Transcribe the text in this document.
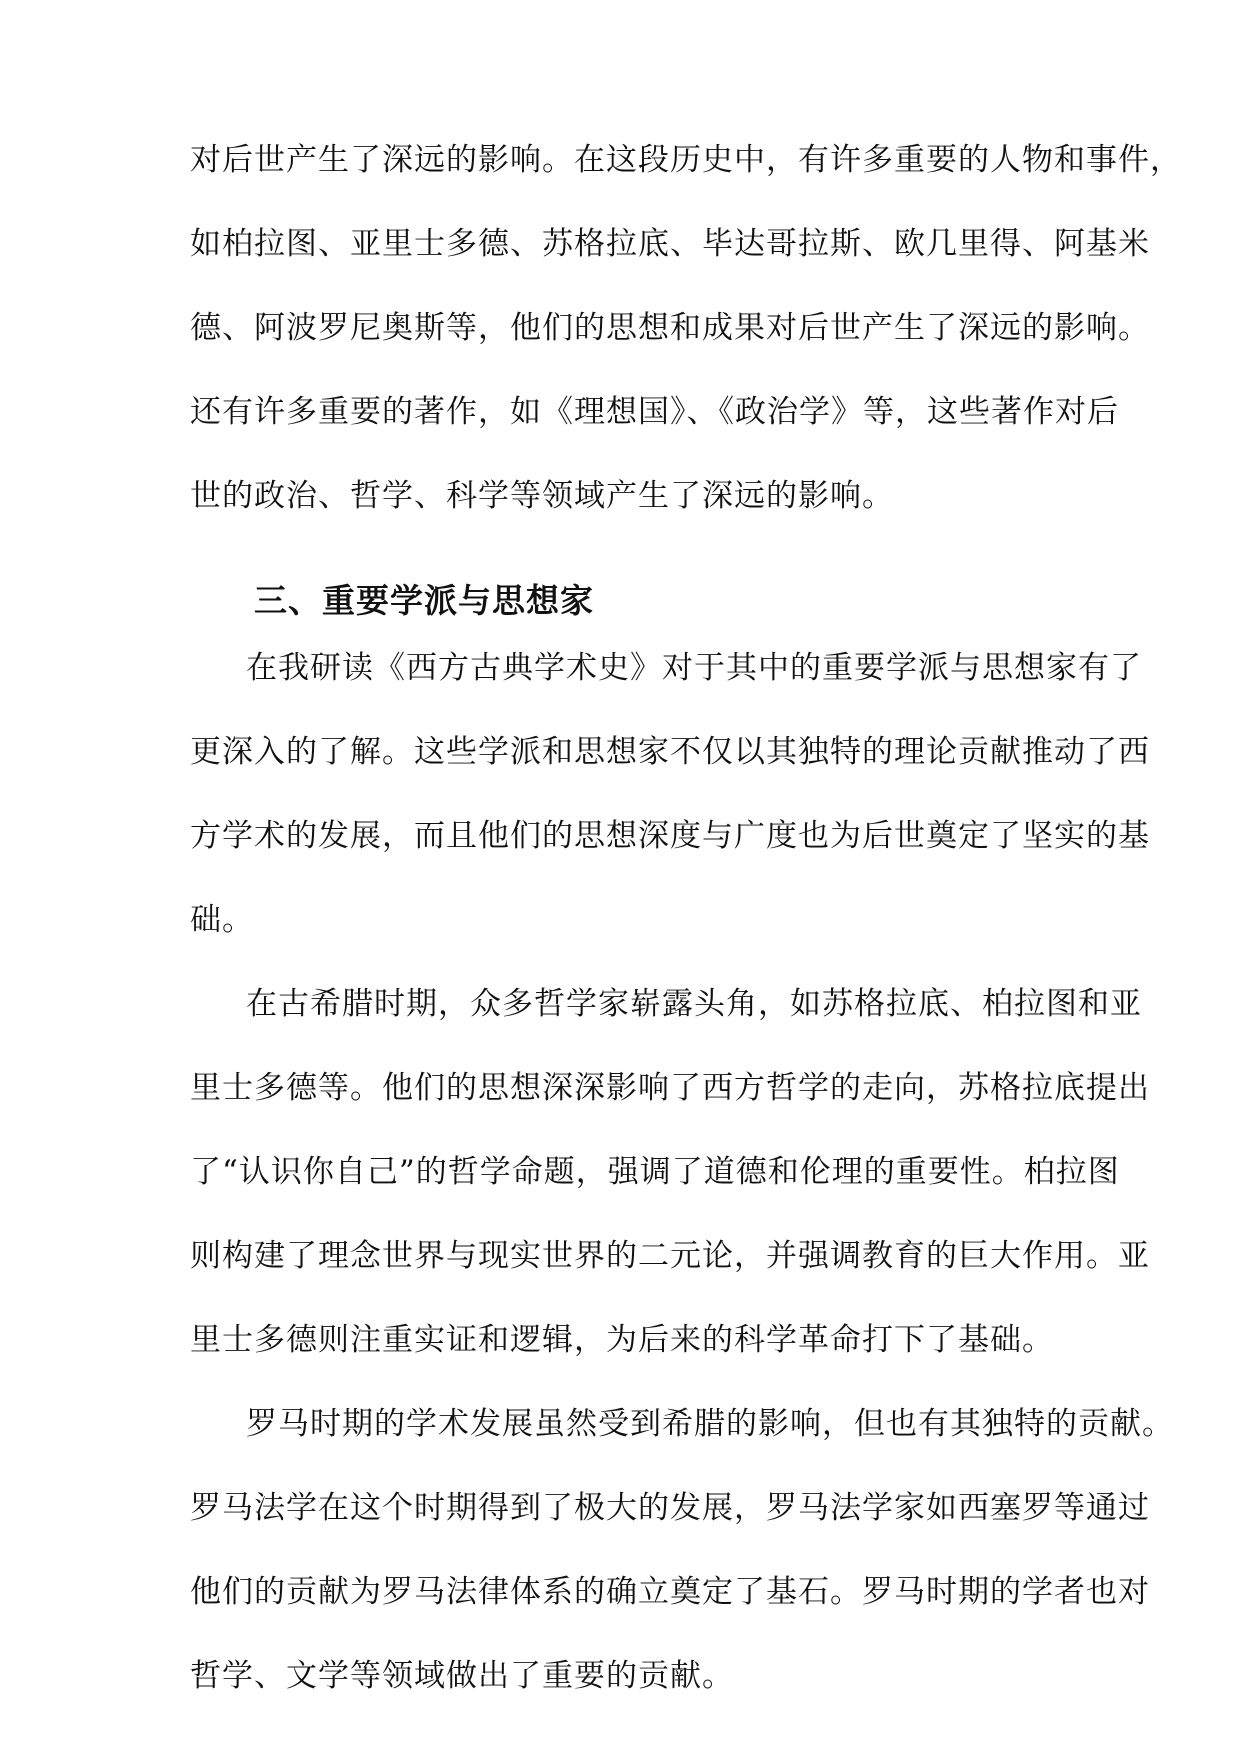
对后世产生了深远的影响。在这段历史中，有许多重要的人物和事件，

如柏拉图、亚里士多德、苏格拉底、毕达哥拉斯、欧几里得、阿基米

德、阿波罗尼奥斯等，他们的思想和成果对后世产生了深远的影响。

还有许多重要的著作，如《理想国》、《政治学》等，这些著作对后

世的政治、哲学、科学等领域产生了深远的影响。

三、重要学派与思想家

在我研读《西方古典学术史》对于其中的重要学派与思想家有了

更深入的了解。这些学派和思想家不仅以其独特的理论贡献推动了西

方学术的发展，而且他们的思想深度与广度也为后世奠定了坚实的基

础。

在古希腊时期，众多哲学家崭露头角，如苏格拉底、柏拉图和亚

里士多德等。他们的思想深深影响了西方哲学的走向，苏格拉底提出

了“认识你自己”的哲学命题，强调了道德和伦理的重要性。柏拉图

则构建了理念世界与现实世界的二元论，并强调教育的巨大作用。亚

里士多德则注重实证和逻辑，为后来的科学革命打下了基础。

罗马时期的学术发展虽然受到希腊的影响，但也有其独特的贡献。

罗马法学在这个时期得到了极大的发展，罗马法学家如西塞罗等通过

他们的贡献为罗马法律体系的确立奠定了基石。罗马时期的学者也对

哲学、文学等领域做出了重要的贡献。
